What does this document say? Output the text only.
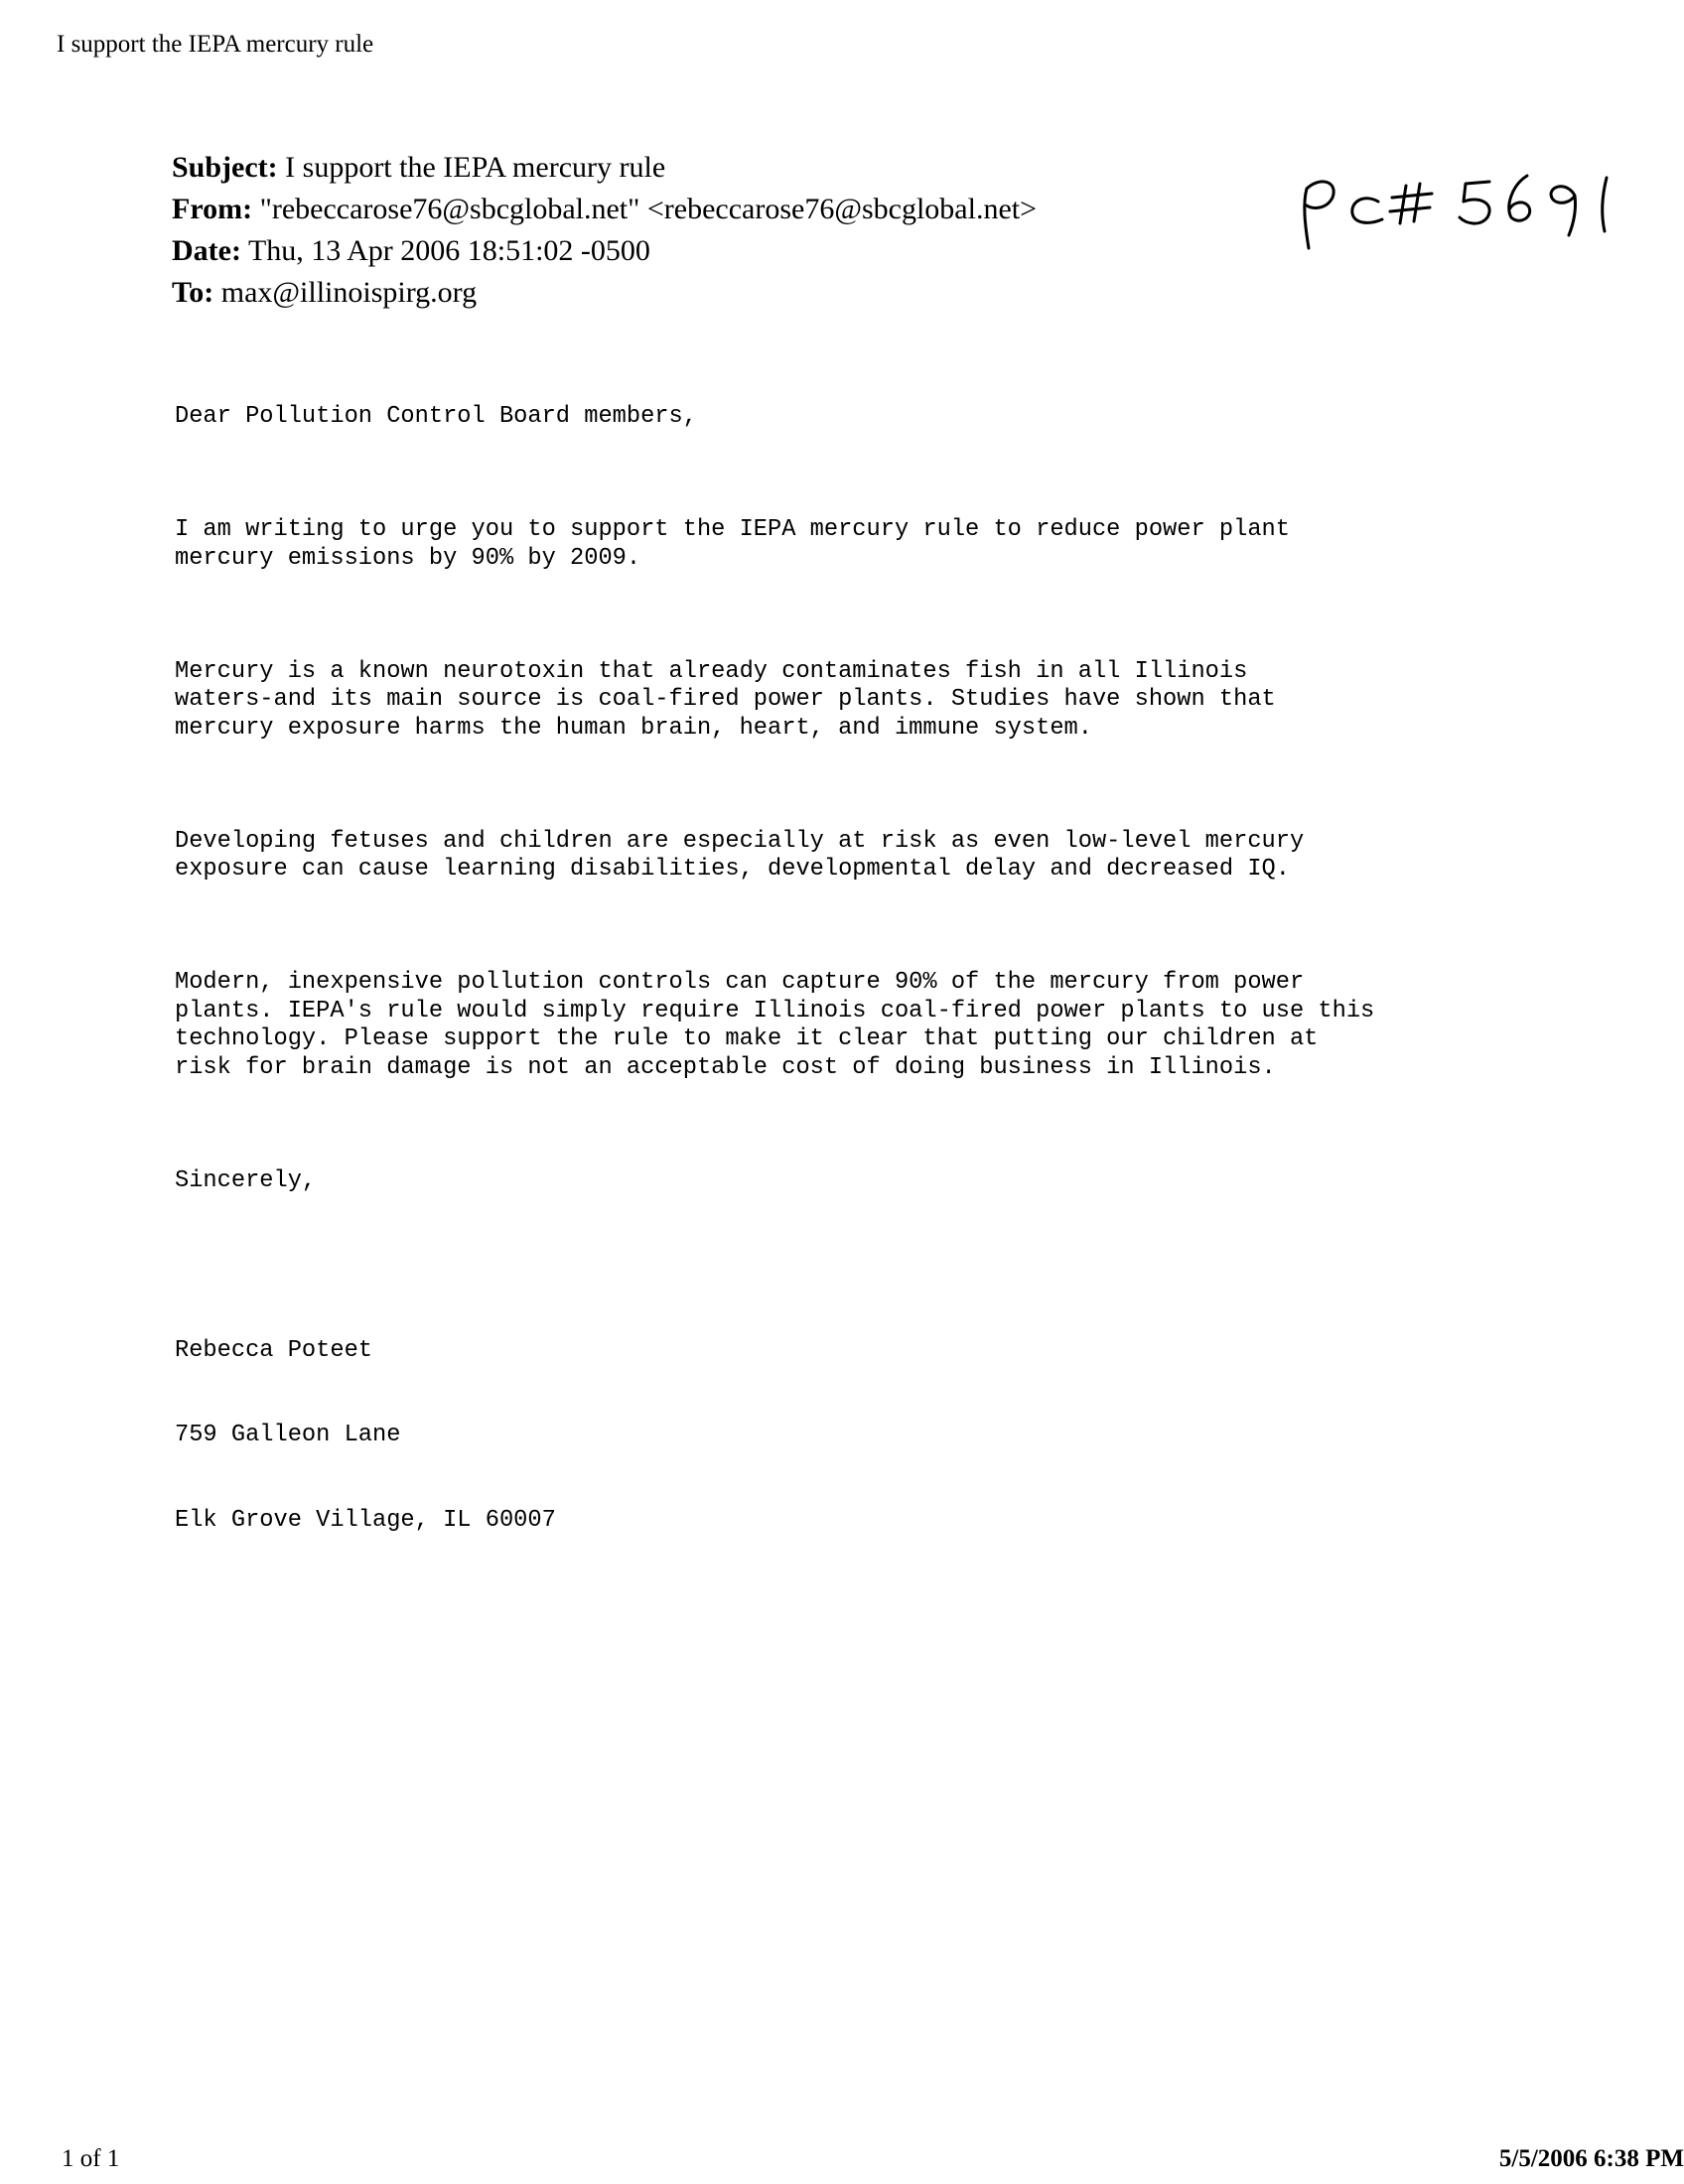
I support the IEPA mercury rule
Subject: I support the IEPA mercury rule
From: "rebeccarose76@sbcglobal.net" <rebeccarose76@sbcglobal.net>
Date: Thu, 13 Apr 2006 18:51:02 -0500
To: max@illinoispirg.org

Dear Pollution Control Board members,

I am writing to urge you to support the IEPA mercury rule to reduce power plant
mercury emissions by 90% by 2009.

Mercury is a known neurotoxin that already contaminates fish in all Illinois
waters-and its main source is coal-fired power plants. Studies have shown that
mercury exposure harms the human brain, heart, and immune system.

Developing fetuses and children are especially at risk as even low-level mercury
exposure can cause learning disabilities, developmental delay and decreased IQ.

Modern, inexpensive pollution controls can capture 90% of the mercury from power
plants. IEPA's rule would simply require Illinois coal-fired power plants to use this
technology. Please support the rule to make it clear that putting our children at
risk for brain damage is not an acceptable cost of doing business in Illinois.

Sincerely,

Rebecca Poteet

759 Galleon Lane

Elk Grove Village, IL 60007

1 of 1	5/5/2006 6:38 PM
